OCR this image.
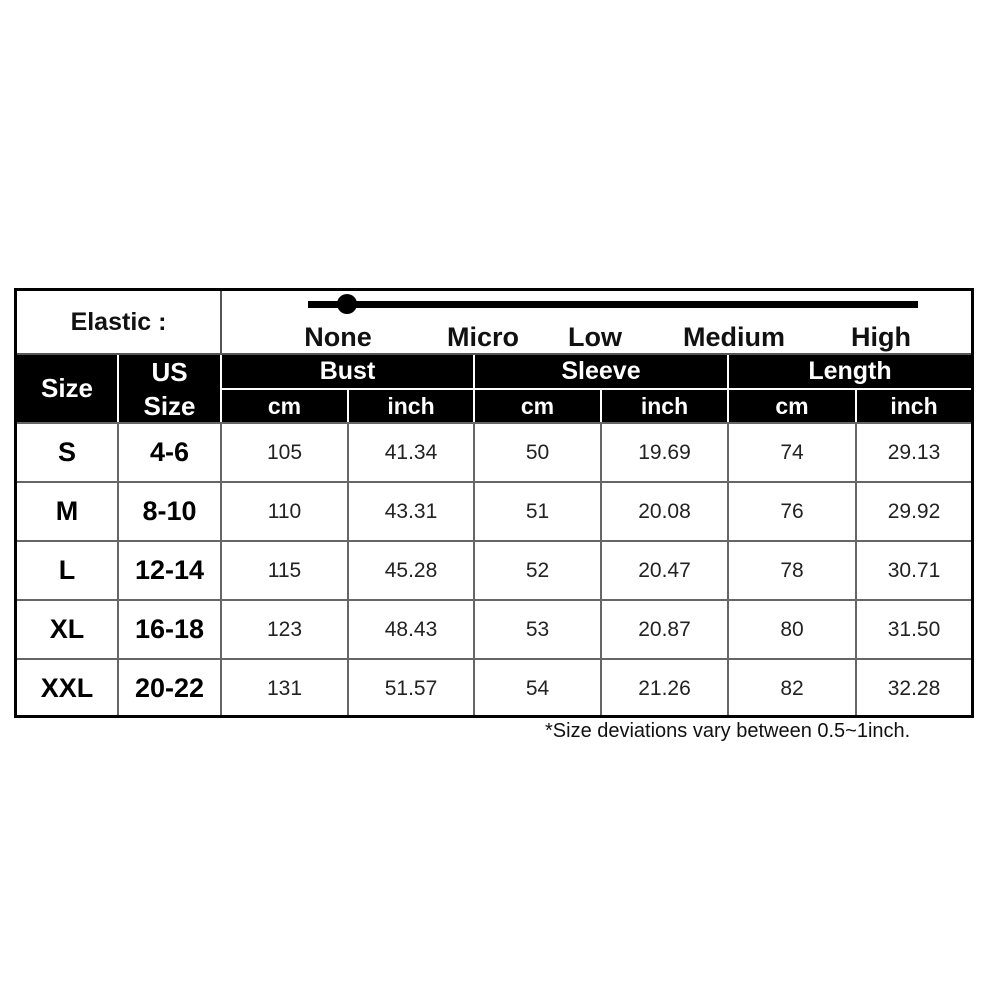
Elastic :
None	Micro Low Medium High
Size
US
Size
Bust	Sleeve	Length
cm	inch	cm	inch	cm	inch
S	4-6	105	41.34	50	19.69	74	29.13
M	8-10	110	43.31	51	20.08	76	29.92
L	12-14	115	45.28	52	20.47	78	30.71
XL	16-18	123	48.43	53	20.87	80	31.50
XXL	20-22	131	51.57	54	21.26	82	32.28
*Size deviations vary between 0.5~1inch.
